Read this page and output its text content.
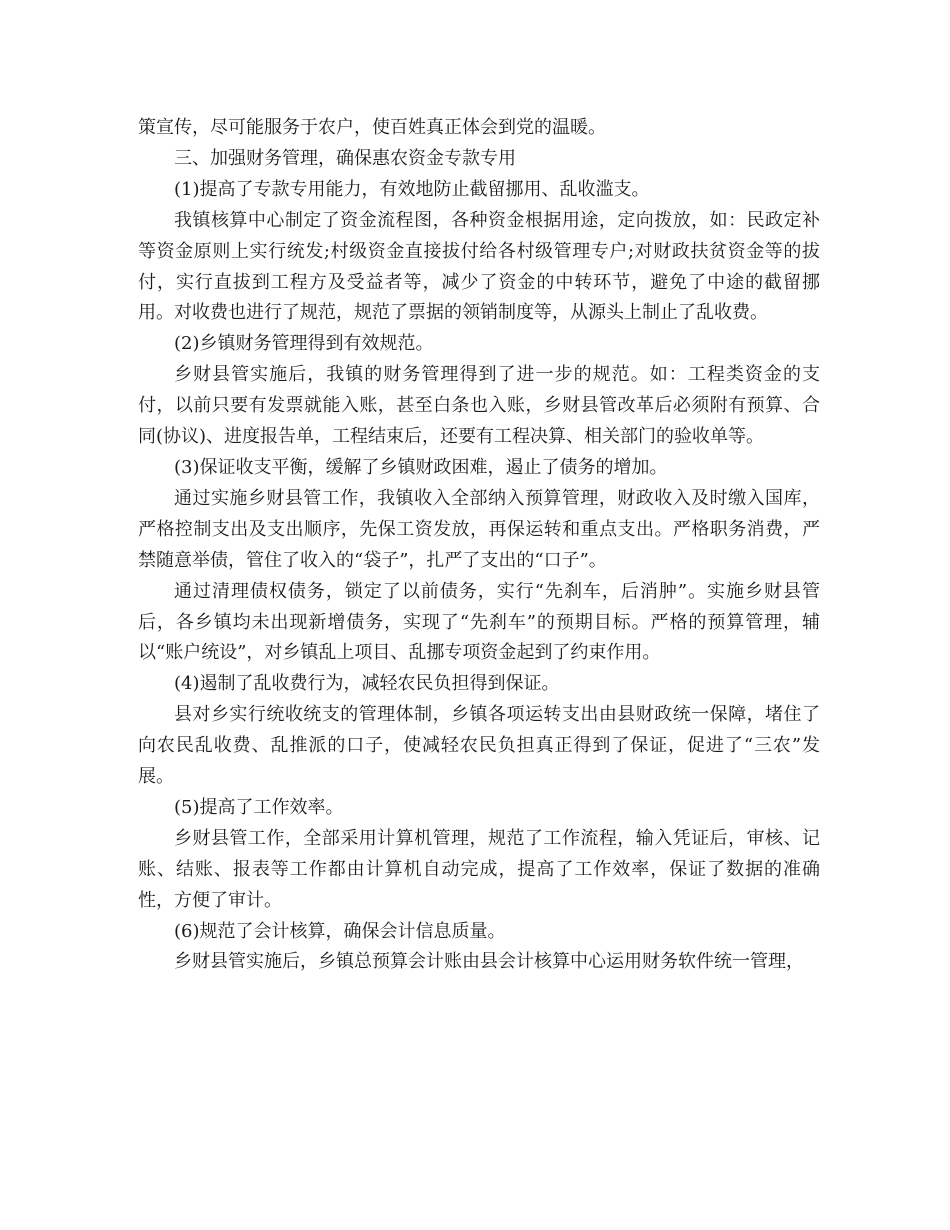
策宣传，尽可能服务于农户，使百姓真正体会到党的温暖。

三、加强财务管理，确保惠农资金专款专用

(1)提高了专款专用能力，有效地防止截留挪用、乱收滥支。

我镇核算中心制定了资金流程图，各种资金根据用途，定向拨放，如：民政定补等资金原则上实行统发;村级资金直接拔付给各村级管理专户;对财政扶贫资金等的拔付，实行直拔到工程方及受益者等，减少了资金的中转环节，避免了中途的截留挪用。对收费也进行了规范，规范了票据的领销制度等，从源头上制止了乱收费。

(2)乡镇财务管理得到有效规范。

乡财县管实施后，我镇的财务管理得到了进一步的规范。如：工程类资金的支付，以前只要有发票就能入账，甚至白条也入账，乡财县管改革后必须附有预算、合同(协议)、进度报告单，工程结束后，还要有工程决算、相关部门的验收单等。

(3)保证收支平衡，缓解了乡镇财政困难，遏止了债务的增加。

通过实施乡财县管工作，我镇收入全部纳入预算管理，财政收入及时缴入国库，严格控制支出及支出顺序，先保工资发放，再保运转和重点支出。严格职务消费，严禁随意举债，管住了收入的“袋子”，扎严了支出的“口子”。

通过清理债权债务，锁定了以前债务，实行“先刹车，后消肿”。实施乡财县管后，各乡镇均未出现新增债务，实现了“先刹车”的预期目标。严格的预算管理，辅以“账户统设”，对乡镇乱上项目、乱挪专项资金起到了约束作用。

(4)遏制了乱收费行为，减轻农民负担得到保证。

县对乡实行统收统支的管理体制，乡镇各项运转支出由县财政统一保障，堵住了向农民乱收费、乱推派的口子，使减轻农民负担真正得到了保证，促进了“三农”发展。

(5)提高了工作效率。

乡财县管工作，全部采用计算机管理，规范了工作流程，输入凭证后，审核、记账、结账、报表等工作都由计算机自动完成，提高了工作效率，保证了数据的准确性，方便了审计。

(6)规范了会计核算，确保会计信息质量。

乡财县管实施后，乡镇总预算会计账由县会计核算中心运用财务软件统一管理，
